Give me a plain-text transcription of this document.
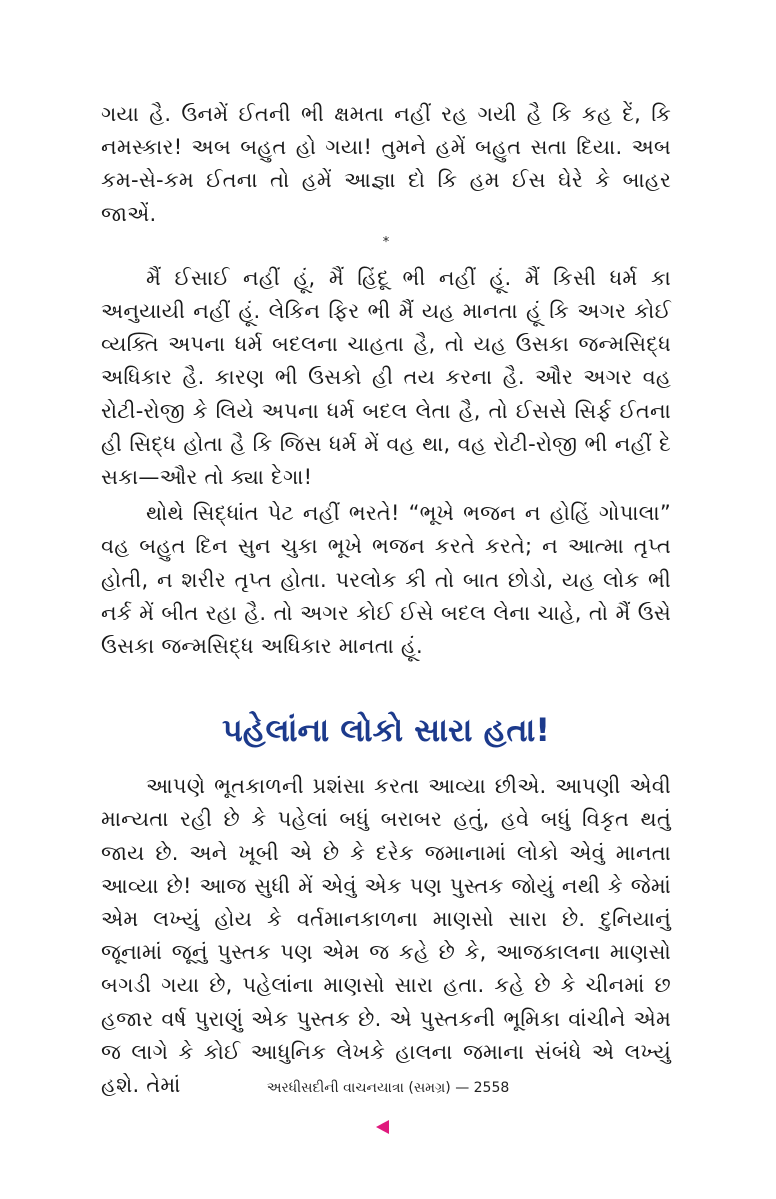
ગયા હૈ. ઉનમેં ઈતની ભી ક્ષમતા નહીં રહ ગયી હૈ કિ કહ દેં, કિ નમસ્કાર! અબ બહુત હો ગયા! તુમને હમેં બહુત સતા દિયા. અબ કમ-સે-કમ ઈતના તો હમેં આજ્ઞા દો કિ હમ ઈસ ઘેરે કે બાહર જાએં.

*

મૈં ઈસાઈ નહીં હૂં, મૈં હિંદૂ ભી નહીં હૂં. મૈં કિસી ધર્મ કા અનુયાયી નહીં હૂં. લેકિન ફિર ભી મૈં યહ માનતા હૂં કિ અગર કોઈ વ્યક્તિ અપના ધર્મ બદલના ચાહતા હૈ, તો યહ ઉસકા જન્મસિદ્ધ અધિકાર હૈ. કારણ ભી ઉસકો હી તય કરના હૈ. ઔર અગર વહ રોટી-રોજી કે લિયે અપના ધર્મ બદલ લેતા હૈ, તો ઈસસે સિર્ફ ઈતના હી સિદ્ધ હોતા હૈ કિ જિસ ધર્મ મેં વહ થા, વહ રોટી-રોજી ભી નહીં દે સકા—ઔર તો ક્યા દેગા!

થોથે સિદ્ધાંત પેટ નહીં ભરતે! “ભૂખે ભજન ન હોહિં ગોપાલા” વહ બહુત દિન સુન ચુકા ભૂખે ભજન કરતે કરતે; ન આત્મા તૃપ્ત હોતી, ન શરીર તૃપ્ત હોતા. પરલોક કી તો બાત છોડો, યહ લોક ભી નર્ક મેં બીત રહા હૈ. તો અગર કોઈ ઈસે બદલ લેના ચાહે, તો મૈં ઉસે ઉસકા જન્મસિદ્ધ અધિકાર માનતા હૂં.

પહેલાંના લોકો સારા હતા!

આપણે ભૂતકાળની પ્રશંસા કરતા આવ્યા છીએ. આપણી એવી માન્યતા રહી છે કે પહેલાં બધું બરાબર હતું, હવે બધું વિકૃત થતું જાય છે. અને ખૂબી એ છે કે દરેક જમાનામાં લોકો એવું માનતા આવ્યા છે! આજ સુધી મેં એવું એક પણ પુસ્તક જોયું નથી કે જેમાં એમ લખ્યું હોય કે વર્તમાનકાળના માણસો સારા છે. દુનિયાનું જૂનામાં જૂનું પુસ્તક પણ એમ જ કહે છે કે, આજકાલના માણસો બગડી ગયા છે, પહેલાંના માણસો સારા હતા. કહે છે કે ચીનમાં છ હજાર વર્ષ પુરાણું એક પુસ્તક છે. એ પુસ્તકની ભૂમિકા વાંચીને એમ જ લાગે કે કોઈ આધુનિક લેખકે હાલના જમાના સંબંધે એ લખ્યું હશે. તેમાં	અરધીસદીની વાચનયાત્રા (સમગ્ર) — 2558
